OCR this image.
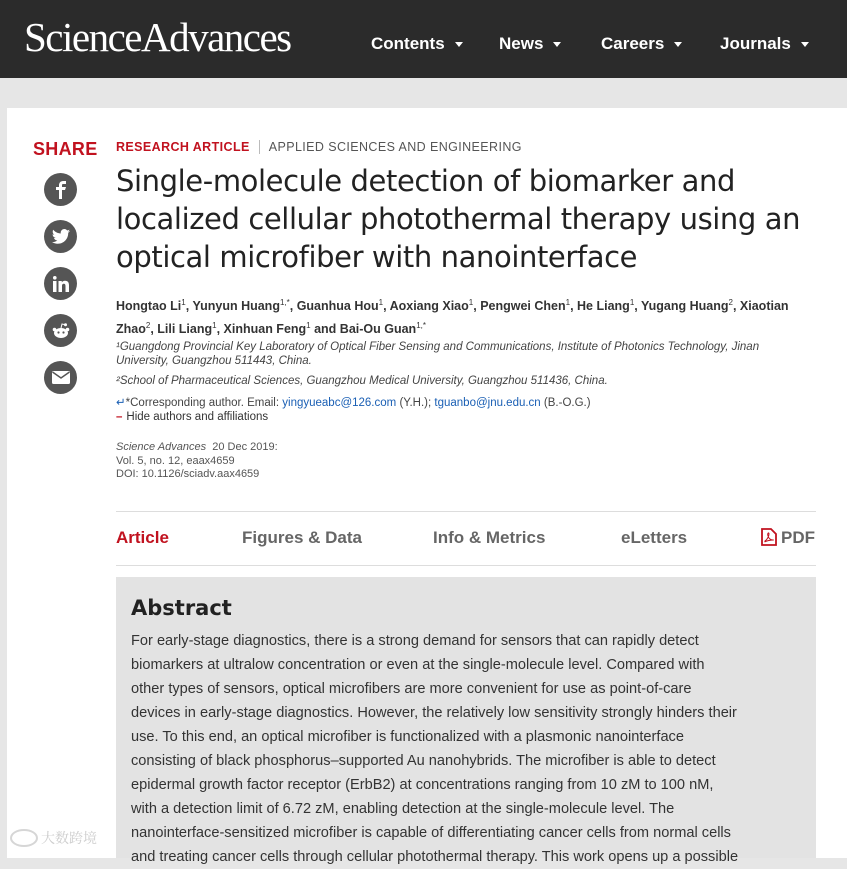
ScienceAdvances	Contents	News	Careers	Journals
SHARE RESEARCH ARTICLE APPLIED SCIENCES AND ENGINEERING
Single-molecule detection of biomarker and localized cellular photothermal therapy using an optical microfiber with nanointerface
Hongtao Li$^1$, Yunyun Huang$^{1,*}$, Guanhua Hou$^1$, Aoxiang Xiao$^1$, Pengwei Chen$^1$, He Liang$^1$, Yugang Huang$^2$, Xiaotian Zhao$^2$, Lili Liang$^1$, Xinhuan Feng$^1$ and Bai-Ou Guan$^{1,*}$
¹Guangdong Provincial Key Laboratory of Optical Fiber Sensing and Communications, Institute of Photonics Technology, Jinan University, Guangzhou 511443, China.
²School of Pharmaceutical Sciences, Guangzhou Medical University, Guangzhou 511436, China.
↵*Corresponding author. Email: yingyueabc@126.com (Y.H.); tguanbo@jnu.edu.cn (B.-O.G.)
– Hide authors and affiliations
Science Advances 20 Dec 2019:
Vol. 5, no. 12, eaax4659
DOI: 10.1126/sciadv.aax4659
Article	Figures & Data	Info & Metrics	eLetters	PDF
Abstract
For early-stage diagnostics, there is a strong demand for sensors that can rapidly detect
biomarkers at ultralow concentration or even at the single-molecule level. Compared with
other types of sensors, optical microfibers are more convenient for use as point-of-care
devices in early-stage diagnostics. However, the relatively low sensitivity strongly hinders their
use. To this end, an optical microfiber is functionalized with a plasmonic nanointerface
consisting of black phosphorus–supported Au nanohybrids. The microfiber is able to detect
epidermal growth factor receptor (ErbB2) at concentrations ranging from 10 zM to 100 nM,
with a detection limit of 6.72 zM, enabling detection at the single-molecule level. The
nanointerface-sensitized microfiber is capable of differentiating cancer cells from normal cells
and treating cancer cells through cellular photothermal therapy. This work opens up a possible
大数跨境
